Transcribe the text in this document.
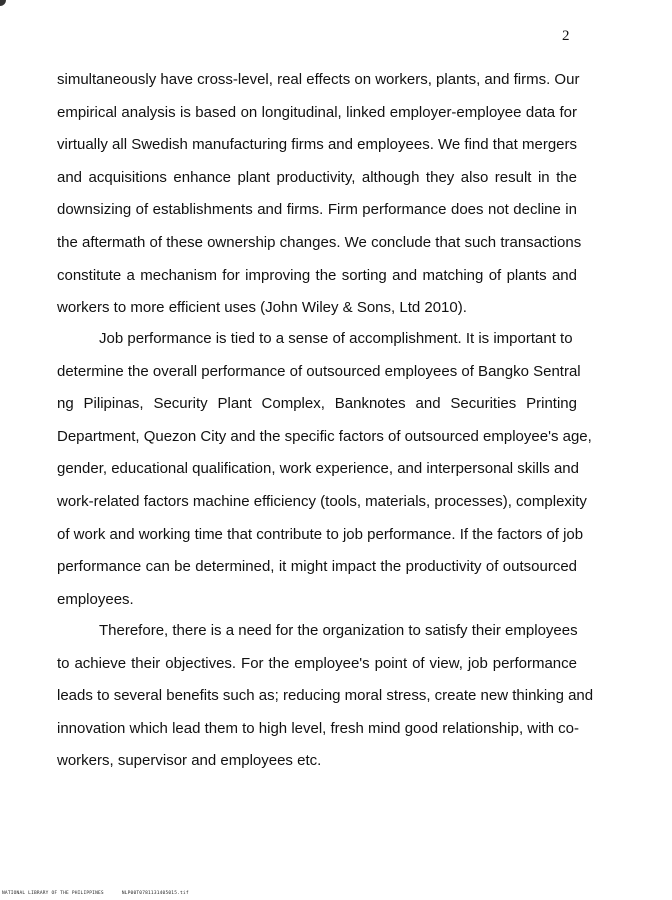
2

simultaneously have cross-level, real effects on workers, plants, and firms. Our
empirical analysis is based on longitudinal, linked employer-employee data for
virtually all Swedish manufacturing firms and employees. We find that mergers
and acquisitions enhance plant productivity, although they also result in the
downsizing of establishments and firms. Firm performance does not decline in
the aftermath of these ownership changes. We conclude that such transactions
constitute a mechanism for improving the sorting and matching of plants and
workers to more efficient uses (John Wiley & Sons, Ltd 2010).

Job performance is tied to a sense of accomplishment. It is important to
determine the overall performance of outsourced employees of Bangko Sentral
ng Pilipinas, Security Plant Complex, Banknotes and Securities Printing
Department, Quezon City and the specific factors of outsourced employee's age,
gender, educational qualification, work experience, and interpersonal skills and
work-related factors machine efficiency (tools, materials, processes), complexity
of work and working time that contribute to job performance. If the factors of job
performance can be determined, it might impact the productivity of outsourced
employees.

Therefore, there is a need for the organization to satisfy their employees
to achieve their objectives. For the employee's point of view, job performance
leads to several benefits such as; reducing moral stress, create new thinking and
innovation which lead them to high level, fresh mind good relationship, with co-
workers, supervisor and employees etc.

NATIONAL LIBRARY OF THE PHILIPPINES	NLP00T0781131405015.tif
